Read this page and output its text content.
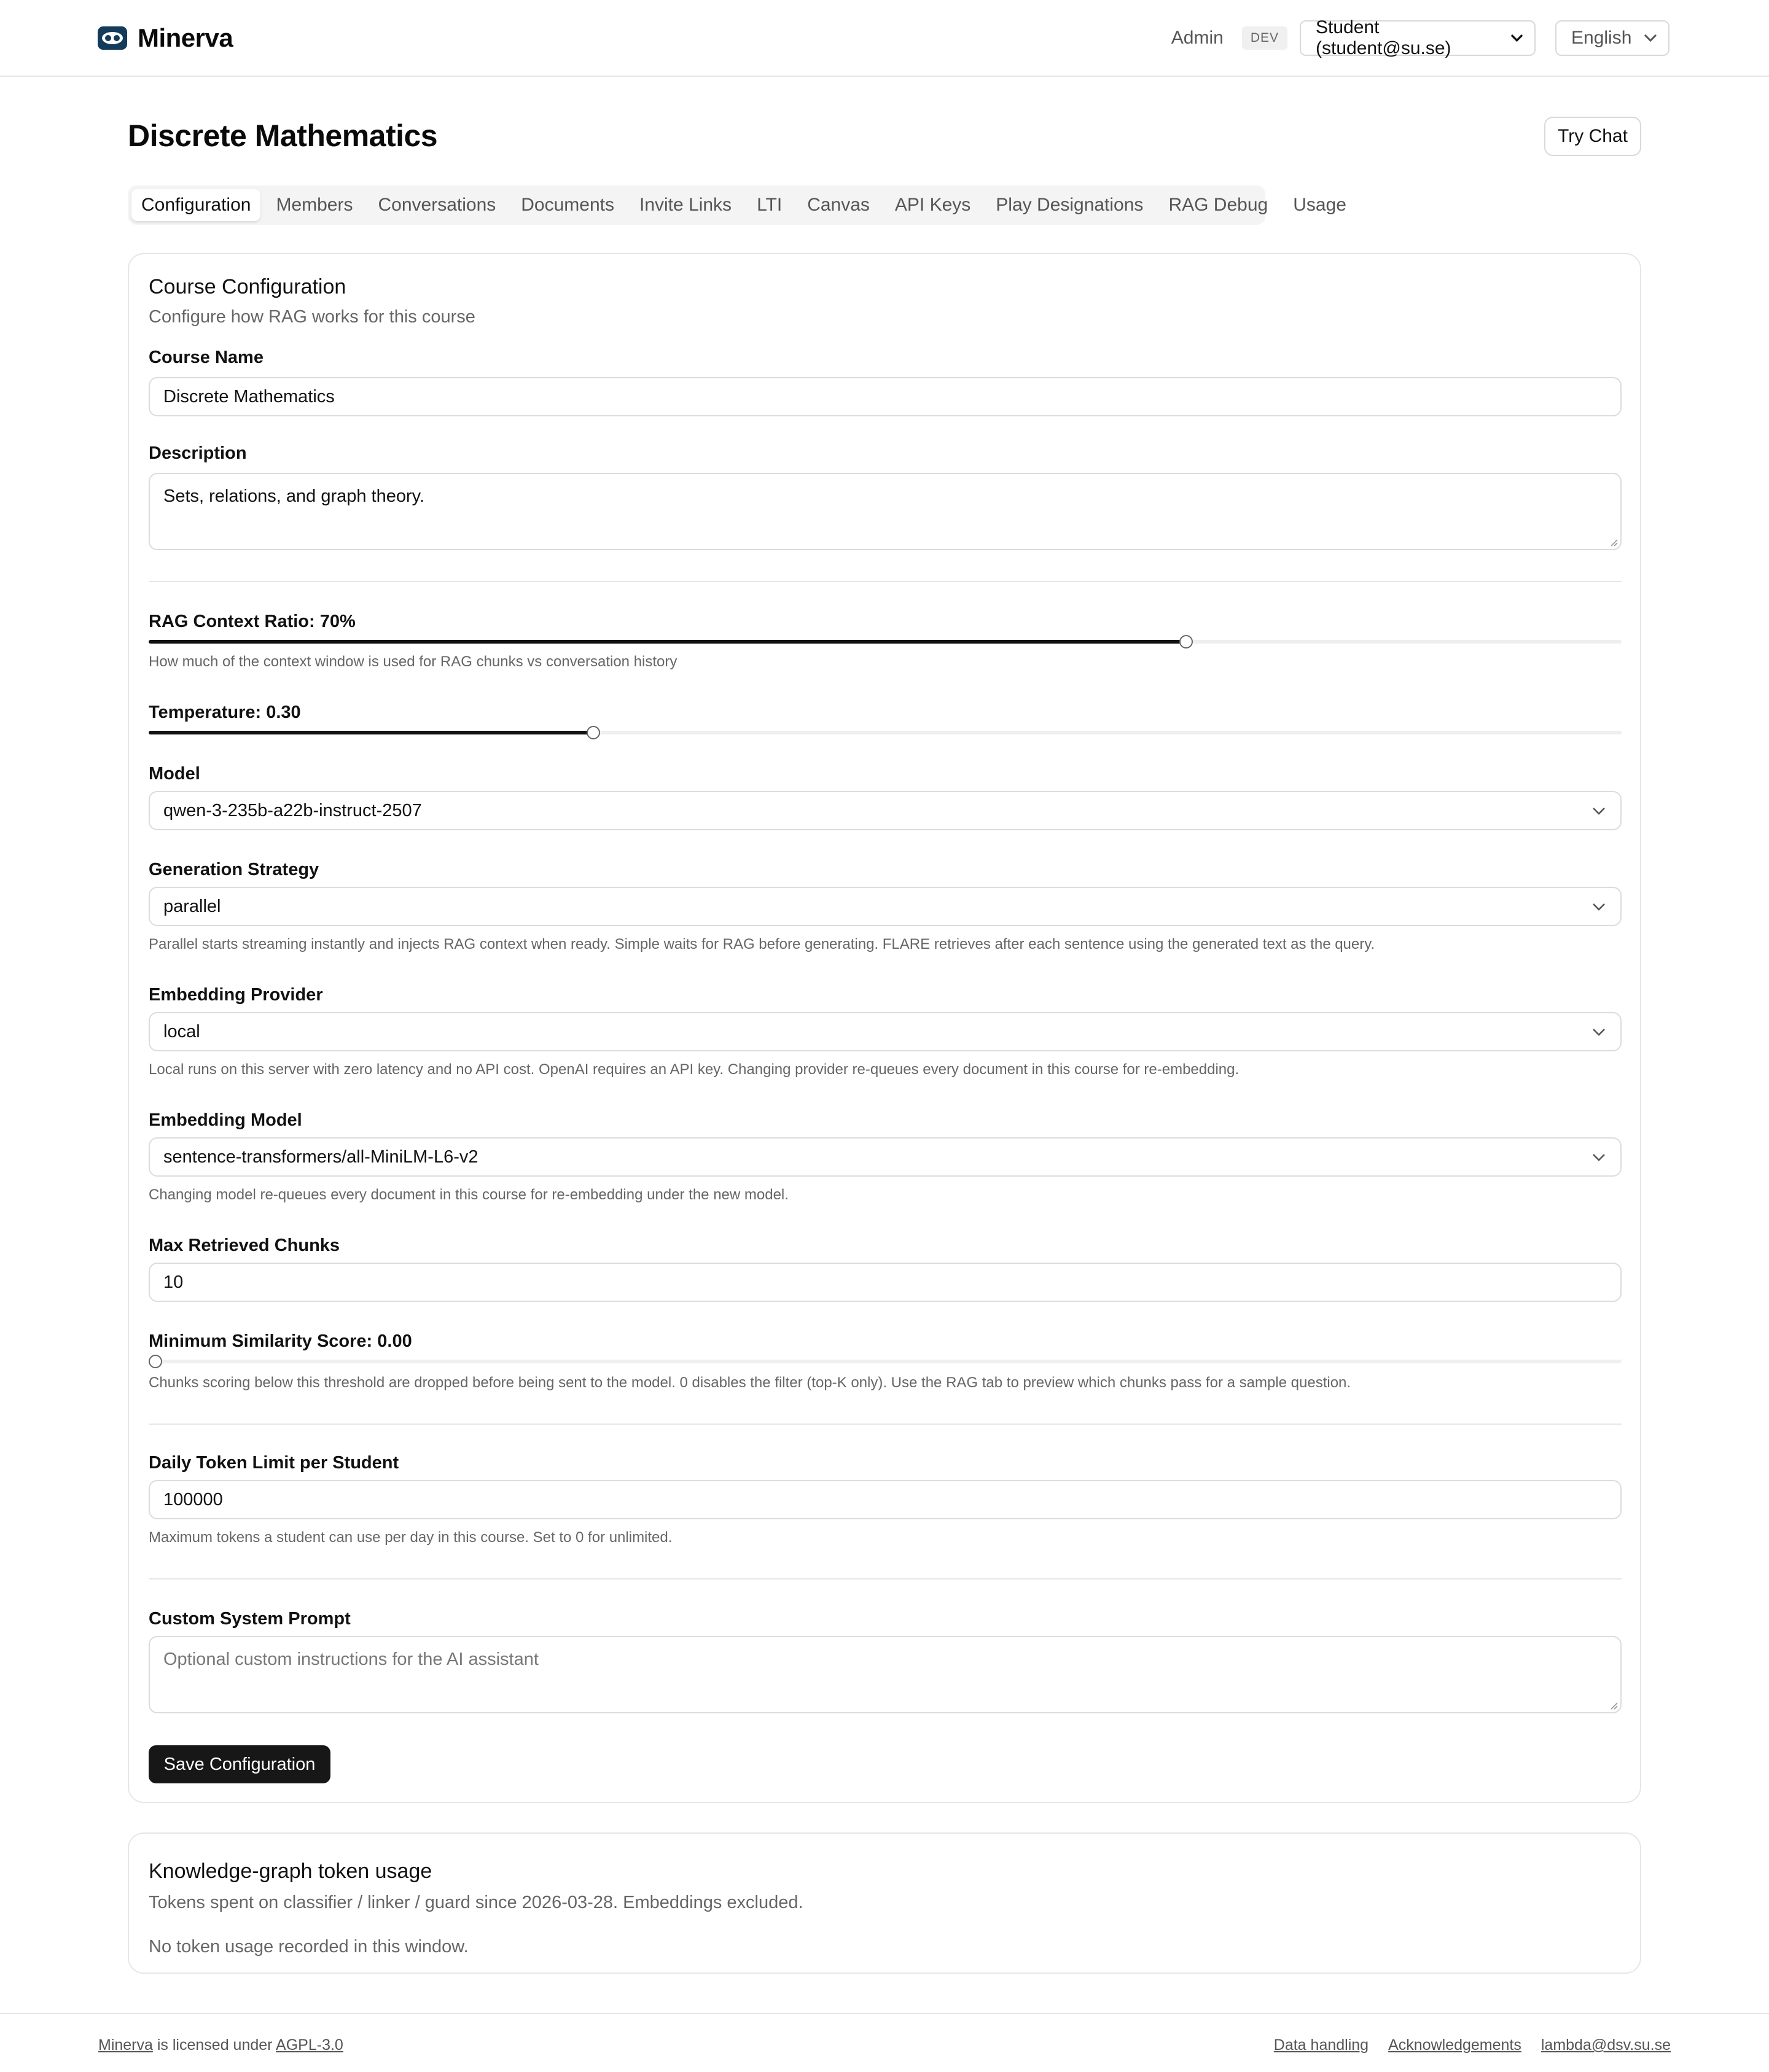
Minerva	Admin	DEV
Student (student@su.se)
English
Discrete Mathematics	Try Chat
Configuration	Members	Conversations	Documents	Invite Links	LTI	Canvas	API Keys	Play Designations	RAG Debug	Usage
Course Configuration
Configure how RAG works for this course
Course Name
Discrete Mathematics
Description
Sets, relations, and graph theory.
RAG Context Ratio: 70%
How much of the context window is used for RAG chunks vs conversation history
Temperature: 0.30
Model
qwen-3-235b-a22b-instruct-2507
Generation Strategy
parallel
Parallel starts streaming instantly and injects RAG context when ready. Simple waits for RAG before generating. FLARE retrieves after each sentence using the generated text as the query.
Embedding Provider
local
Local runs on this server with zero latency and no API cost. OpenAI requires an API key. Changing provider re-queues every document in this course for re-embedding.
Embedding Model
sentence-transformers/all-MiniLM-L6-v2
Changing model re-queues every document in this course for re-embedding under the new model.
Max Retrieved Chunks
10
Minimum Similarity Score: 0.00
Chunks scoring below this threshold are dropped before being sent to the model. 0 disables the filter (top-K only). Use the RAG tab to preview which chunks pass for a sample question.
Daily Token Limit per Student
100000
Maximum tokens a student can use per day in this course. Set to 0 for unlimited.
Custom System Prompt
Optional custom instructions for the AI assistant
Save Configuration
Knowledge-graph token usage
Tokens spent on classifier / linker / guard since 2026-03-28. Embeddings excluded.
No token usage recorded in this window.
Minerva is licensed under AGPL-3.0	Data handling Acknowledgements lambda@dsv.su.se
